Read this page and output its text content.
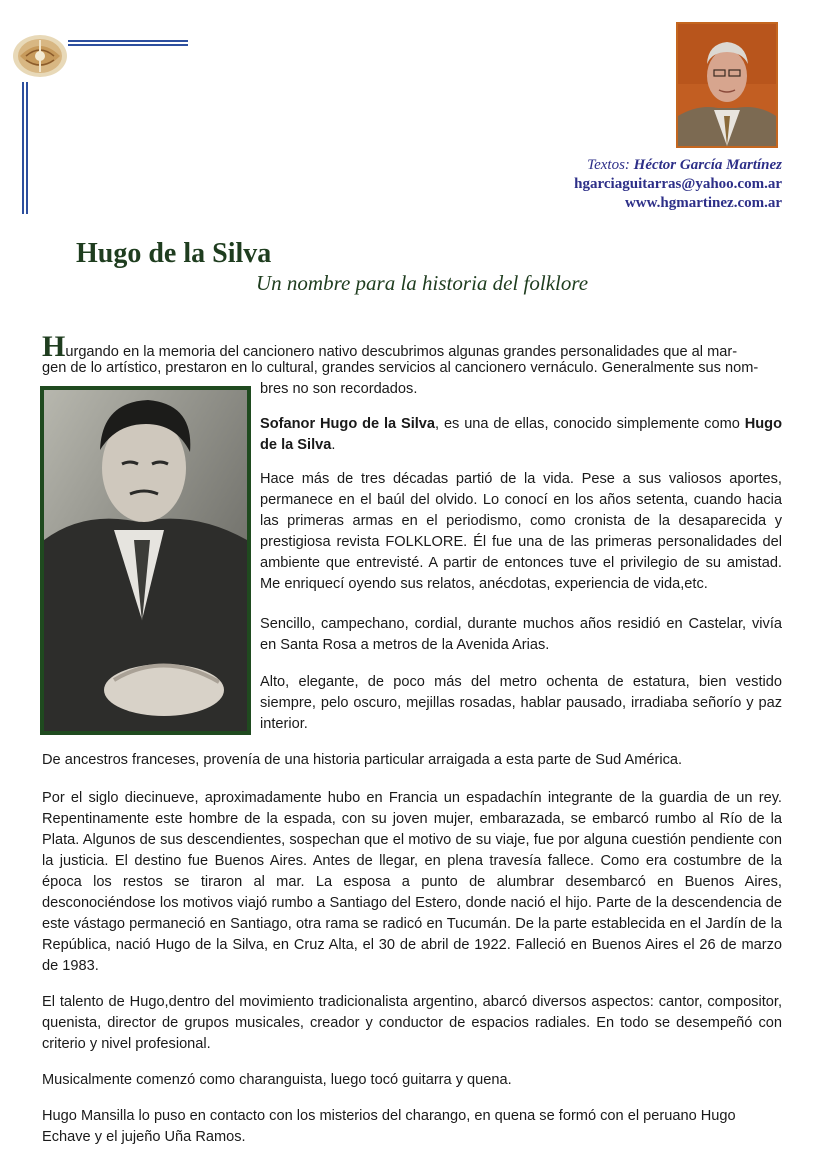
Textos: Héctor García Martínez
hgarciaguitarras@yahoo.com.ar
www.hgmartinez.com.ar
Hugo de la Silva
Un nombre para la historia del folklore
Hurgando en la memoria del cancionero nativo descubrimos algunas grandes personalidades que al mar-
gen de lo artístico, prestaron en lo cultural, grandes servicios al cancionero vernáculo. Generalmente sus nom-
bres no son recordados.
Sofanor Hugo de la Silva, es una de ellas, conocido simplemente como Hugo de la Silva.
Hace más de tres décadas partió de la vida. Pese a sus valiosos aportes, permanece en el baúl del olvido. Lo conocí en los años setenta, cuando hacia las primeras armas en el periodismo, como cronista de la desaparecida y prestigiosa revista FOLKLORE. Él fue una de las primeras personalidades del ambiente que entrevisté. A partir de entonces tuve el privilegio de su amistad. Me enriquecí oyendo sus relatos, anécdotas, experiencia de vida,etc.
Sencillo, campechano, cordial, durante muchos años residió en Castelar, vivía en Santa Rosa a metros de la Avenida Arias.
Alto, elegante, de poco más del metro ochenta de estatura, bien vestido siempre, pelo oscuro, mejillas rosadas, hablar pausado, irradiaba señorío y paz interior.
De ancestros franceses, provenía de una historia particular arraigada a esta parte de Sud América.
Por el siglo diecinueve, aproximadamente hubo en Francia un espadachín integrante de la guardia de un rey. Repentinamente este hombre de la espada, con su joven mujer, embarazada, se embarcó rumbo al Río de la Plata. Algunos de sus descendientes, sospechan que el motivo de su viaje, fue por alguna cuestión pendiente con la justicia. El destino fue Buenos Aires. Antes de llegar, en plena travesía fallece. Como era costumbre de la época los restos se tiraron al mar. La esposa a punto de alumbrar desembarcó en Buenos Aires, desconociéndose los motivos viajó rumbo a Santiago del Estero, donde nació el hijo. Parte de la descendencia de este vástago permaneció en Santiago, otra rama se radicó en Tucumán. De la parte establecida en el Jardín de la República, nació Hugo de la Silva, en Cruz Alta, el 30 de abril de 1922. Falleció en Buenos Aires el 26 de marzo de 1983.
El talento de Hugo,dentro del movimiento tradicionalista argentino, abarcó diversos aspectos: cantor, compositor, quenista, director de grupos musicales, creador y conductor de espacios radiales. En todo se desempeñó con criterio y nivel profesional.
Musicalmente comenzó como charanguista, luego tocó guitarra y quena.
Hugo Mansilla lo puso en contacto con los misterios del charango, en quena se formó con el peruano Hugo Echave y el jujeño Uña Ramos.
